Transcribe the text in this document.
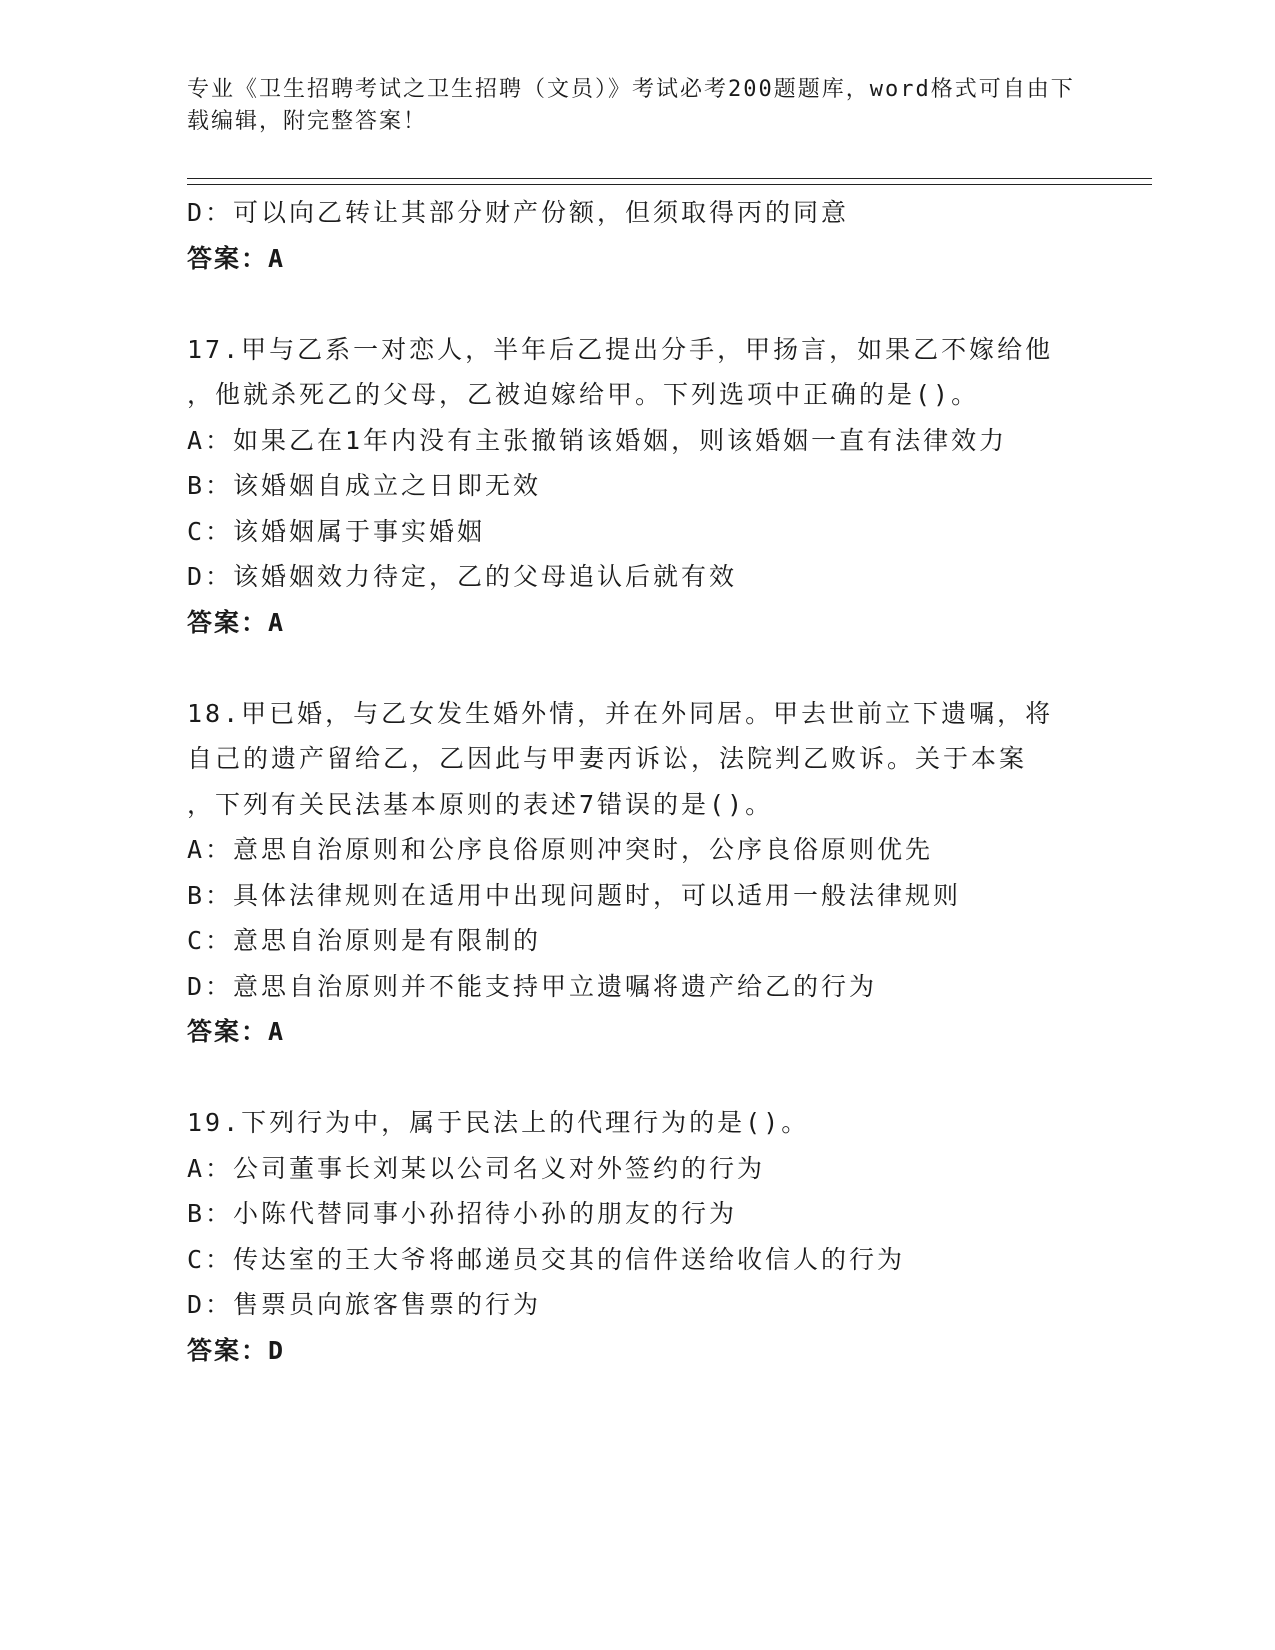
专业《卫生招聘考试之卫生招聘（文员）》考试必考200题题库，word格式可自由下载编辑，附完整答案！
D：可以向乙转让其部分财产份额，但须取得丙的同意
答案：A
17.甲与乙系一对恋人，半年后乙提出分手，甲扬言，如果乙不嫁给他
，他就杀死乙的父母，乙被迫嫁给甲。下列选项中正确的是()。
A：如果乙在1年内没有主张撤销该婚姻，则该婚姻一直有法律效力
B：该婚姻自成立之日即无效
C：该婚姻属于事实婚姻
D：该婚姻效力待定，乙的父母追认后就有效
答案：A
18.甲已婚，与乙女发生婚外情，并在外同居。甲去世前立下遗嘱，将
自己的遗产留给乙，乙因此与甲妻丙诉讼，法院判乙败诉。关于本案
，下列有关民法基本原则的表述7错误的是()。
A：意思自治原则和公序良俗原则冲突时，公序良俗原则优先
B：具体法律规则在适用中出现问题时，可以适用一般法律规则
C：意思自治原则是有限制的
D：意思自治原则并不能支持甲立遗嘱将遗产给乙的行为
答案：A
19.下列行为中，属于民法上的代理行为的是()。
A：公司董事长刘某以公司名义对外签约的行为
B：小陈代替同事小孙招待小孙的朋友的行为
C：传达室的王大爷将邮递员交其的信件送给收信人的行为
D：售票员向旅客售票的行为
答案：D
